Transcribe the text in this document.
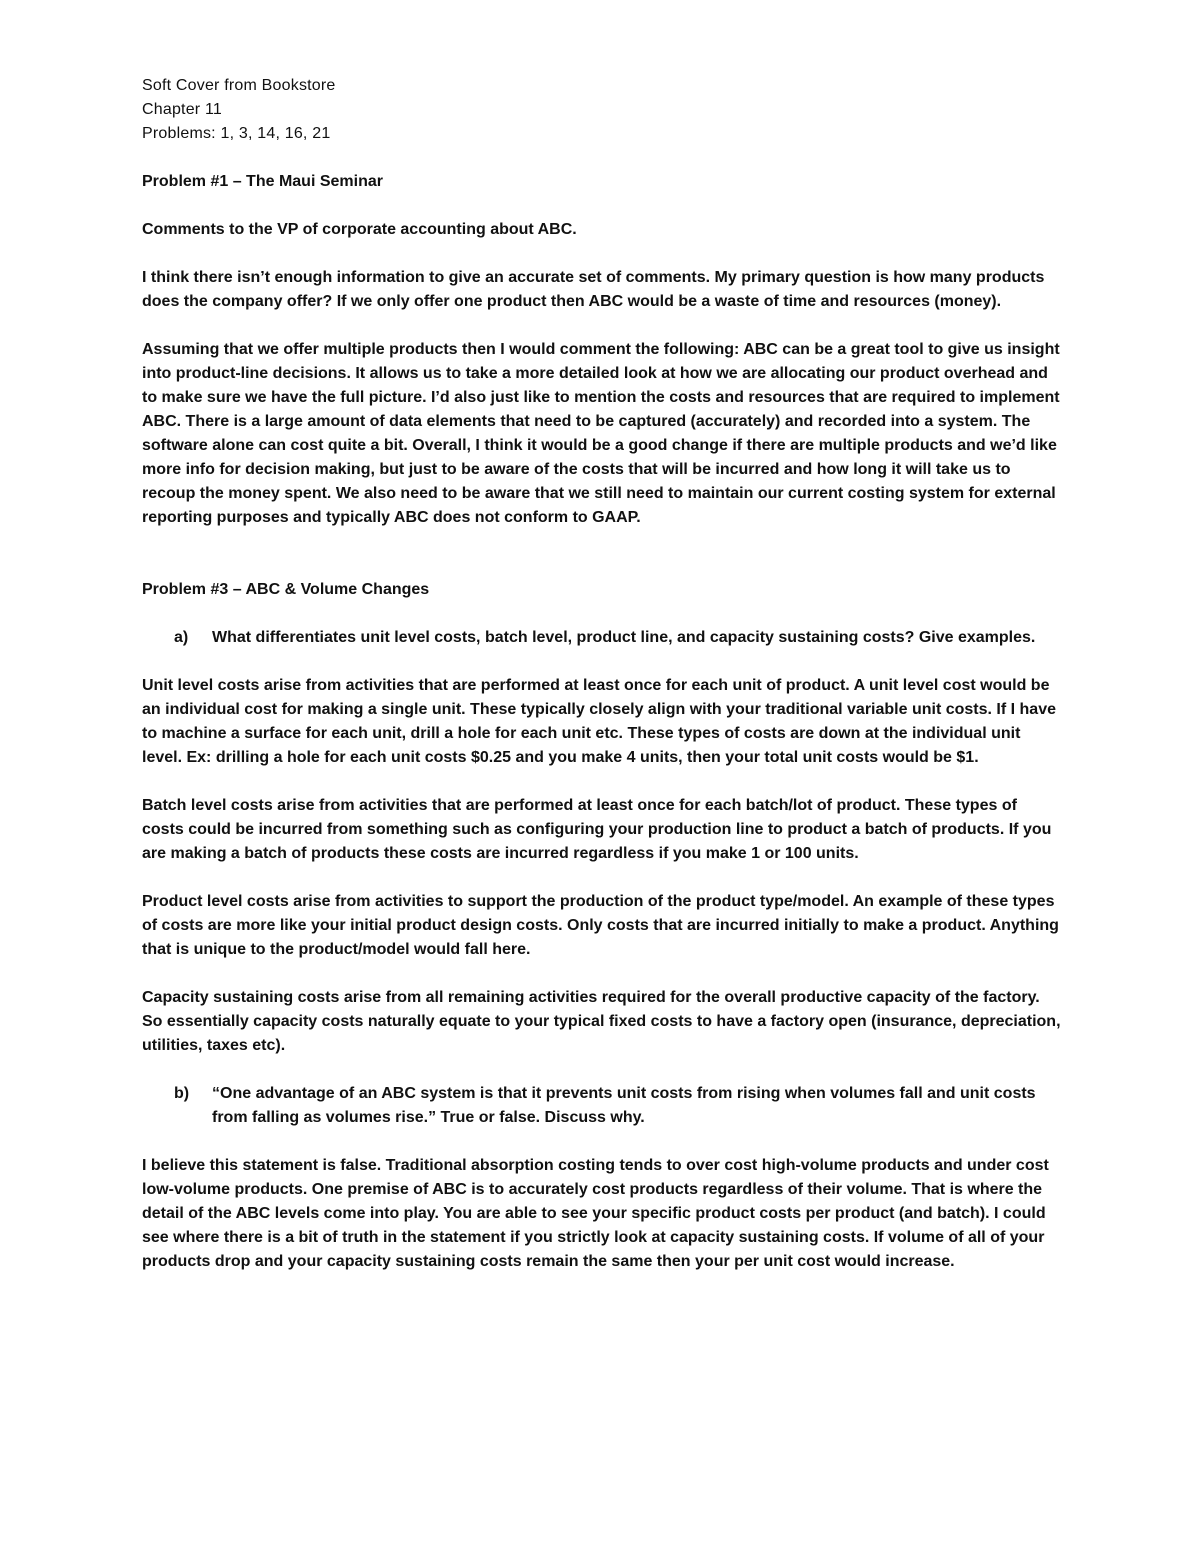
Soft Cover from Bookstore

Chapter 11

Problems: 1, 3, 14, 16, 21

Problem #1 – The Maui Seminar

Comments to the VP of corporate accounting about ABC.

I think there isn’t enough information to give an accurate set of comments. My primary question is how many products does the company offer? If we only offer one product then ABC would be a waste of time and resources (money).

Assuming that we offer multiple products then I would comment the following: ABC can be a great tool to give us insight into product-line decisions. It allows us to take a more detailed look at how we are allocating our product overhead and to make sure we have the full picture. I’d also just like to mention the costs and resources that are required to implement ABC. There is a large amount of data elements that need to be captured (accurately) and recorded into a system. The software alone can cost quite a bit. Overall, I think it would be a good change if there are multiple products and we’d like more info for decision making, but just to be aware of the costs that will be incurred and how long it will take us to recoup the money spent. We also need to be aware that we still need to maintain our current costing system for external reporting purposes and typically ABC does not conform to GAAP.

Problem #3 – ABC & Volume Changes

a)	What differentiates unit level costs, batch level, product line, and capacity sustaining costs? Give examples.

Unit level costs arise from activities that are performed at least once for each unit of product. A unit level cost would be an individual cost for making a single unit. These typically closely align with your traditional variable unit costs. If I have to machine a surface for each unit, drill a hole for each unit etc. These types of costs are down at the individual unit level. Ex: drilling a hole for each unit costs $0.25 and you make 4 units, then your total unit costs would be $1.

Batch level costs arise from activities that are performed at least once for each batch/lot of product. These types of costs could be incurred from something such as configuring your production line to product a batch of products. If you are making a batch of products these costs are incurred regardless if you make 1 or 100 units.

Product level costs arise from activities to support the production of the product type/model. An example of these types of costs are more like your initial product design costs. Only costs that are incurred initially to make a product. Anything that is unique to the product/model would fall here.

Capacity sustaining costs arise from all remaining activities required for the overall productive capacity of the factory. So essentially capacity costs naturally equate to your typical fixed costs to have a factory open (insurance, depreciation, utilities, taxes etc).

b)	“One advantage of an ABC system is that it prevents unit costs from rising when volumes fall and unit costs from falling as volumes rise.” True or false. Discuss why.

I believe this statement is false. Traditional absorption costing tends to over cost high-volume products and under cost low-volume products. One premise of ABC is to accurately cost products regardless of their volume. That is where the detail of the ABC levels come into play. You are able to see your specific product costs per product (and batch). I could see where there is a bit of truth in the statement if you strictly look at capacity sustaining costs. If volume of all of your products drop and your capacity sustaining costs remain the same then your per unit cost would increase.
